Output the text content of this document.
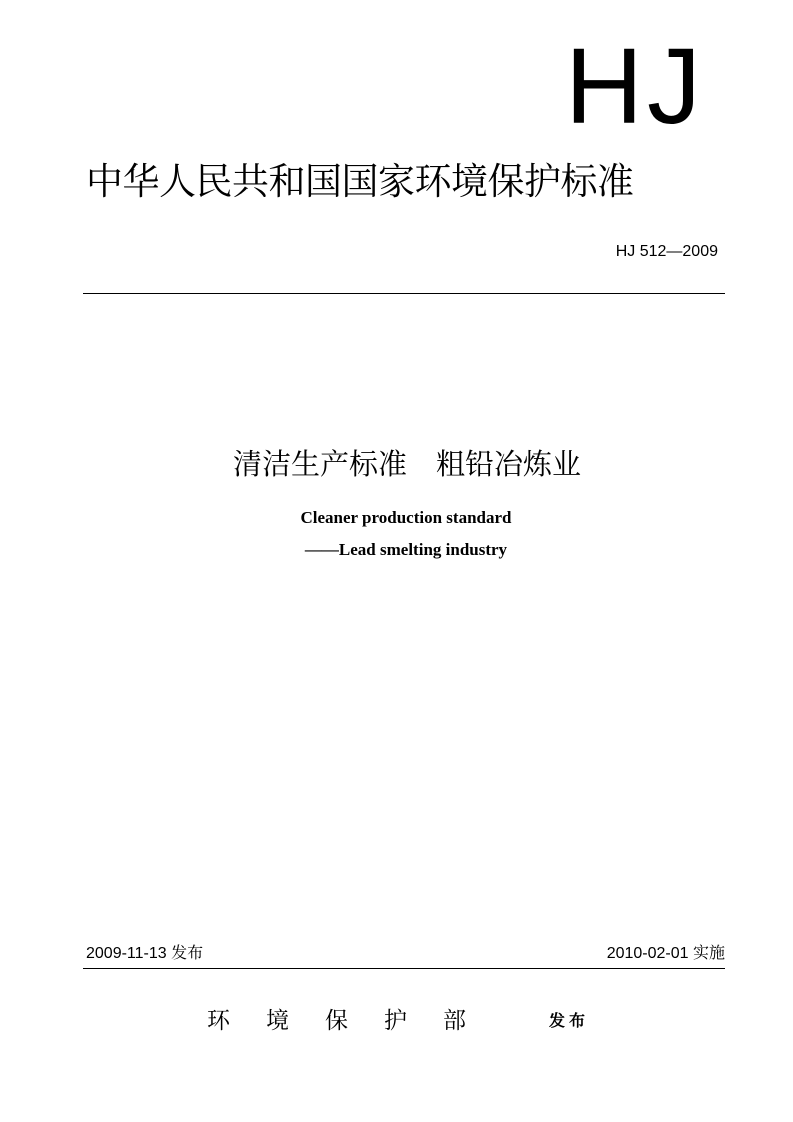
HJ
中华人民共和国国家环境保护标准
HJ 512—2009
清洁生产标准　粗铅冶炼业
Cleaner production standard
——Lead smelting industry
2009-11-13 发布	2010-02-01 实施
环境保护部	发布
